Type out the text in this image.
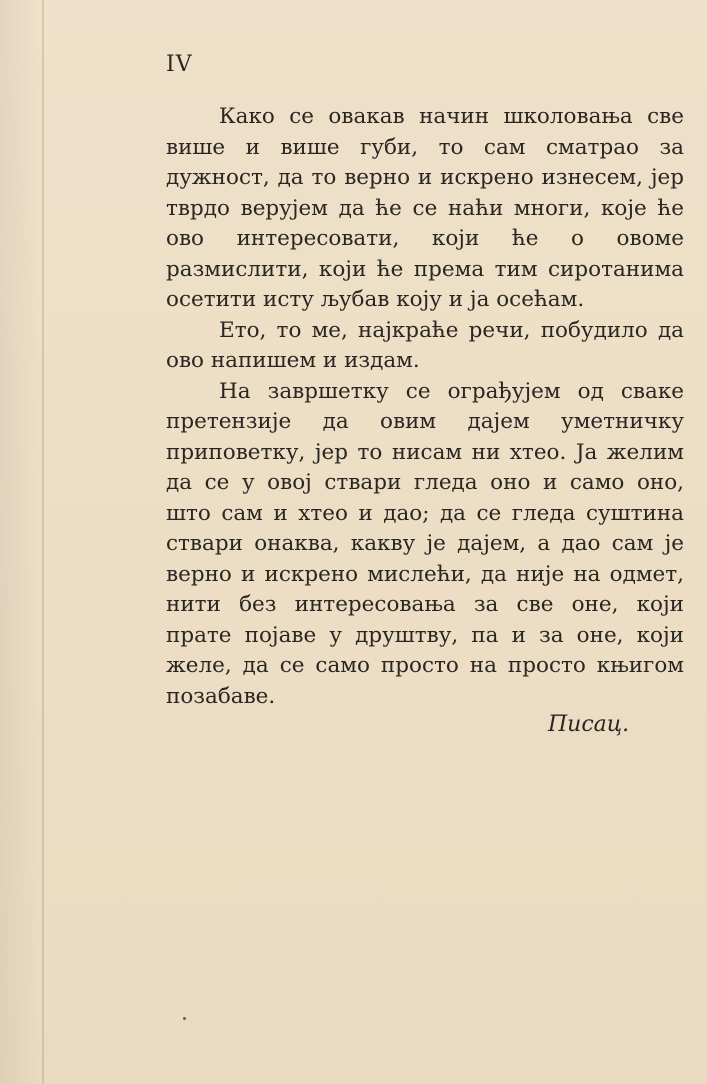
IV

Како се овакав начин школовања све више и више губи, то сам сматрао за дужност, да то верно и искрено изнесем, јер тврдо верујем да ће се наћи многи, које ће ово интересовати, који ће о овоме размислити, који ће према тим сиротанима осетити исту љубав коју и ја осећам.

Ето, то ме, најкраће речи, побудило да ово напишем и издам.

На завршетку се ограђујем од сваке претензије да овим дајем уметничку приповетку, јер то нисам ни хтео. Ја желим да се у овој ствари гледа оно и само оно, што сам и хтео и дао; да се гледа суштина ствари онаква, какву је дајем, а дао сам је верно и искрено мислећи, да није на одмет, нити без интересовања за све оне, који прате појаве у друштву, па и за оне, који желе, да се само просто на просто књигом позабаве.

Писац.
